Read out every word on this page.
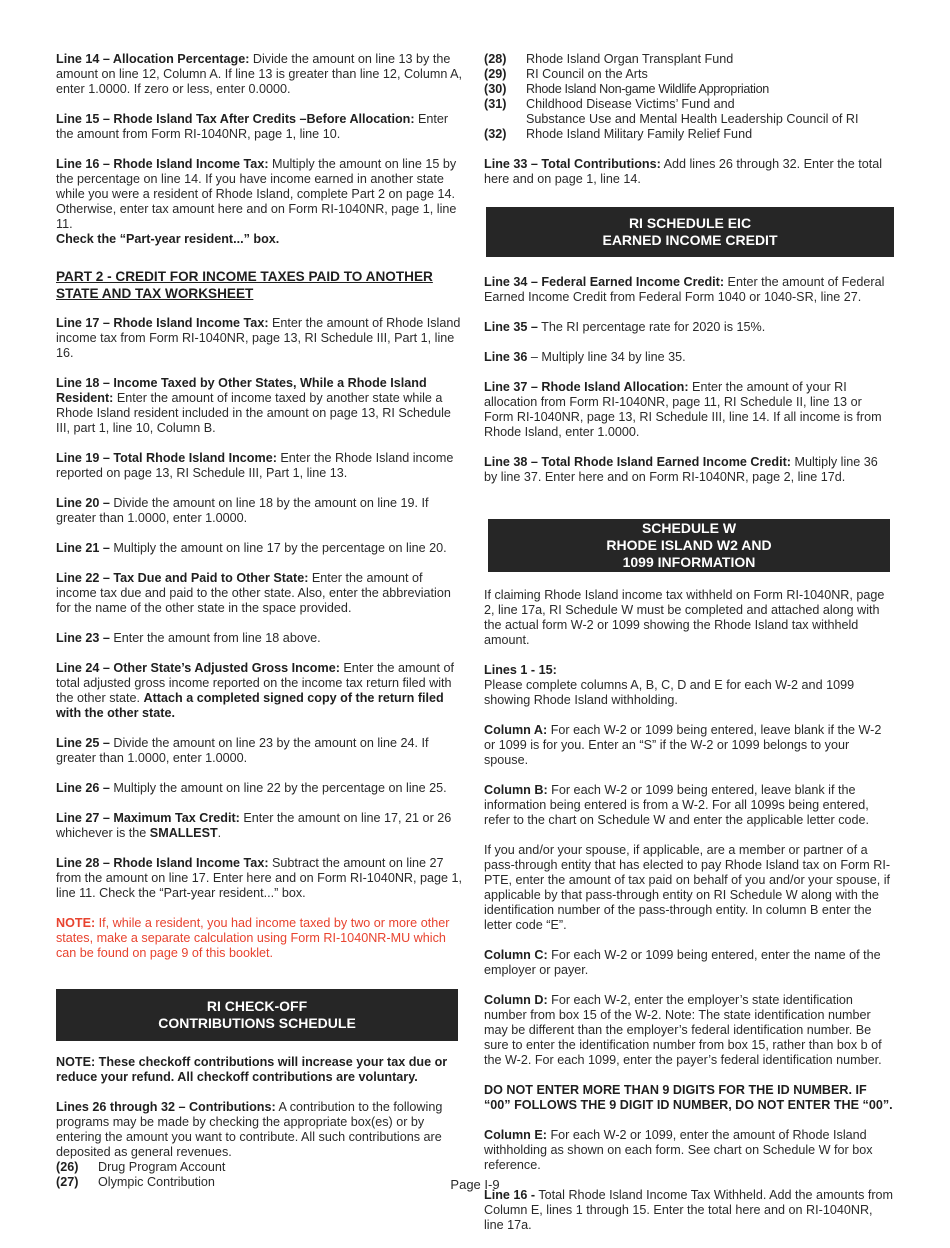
Line 14 – Allocation Percentage: Divide the amount on line 13 by the amount on line 12, Column A. If line 13 is greater than line 12, Column A, enter 1.0000. If zero or less, enter 0.0000.

Line 15 – Rhode Island Tax After Credits –Before Allocation: Enter the amount from Form RI-1040NR, page 1, line 10.

Line 16 – Rhode Island Income Tax: Multiply the amount on line 15 by the percentage on line 14. If you have income earned in another state while you were a resident of Rhode Island, complete Part 2 on page 14. Otherwise, enter tax amount here and on Form RI-1040NR, page 1, line 11.
Check the “Part-year resident...” box.

PART 2 - CREDIT FOR INCOME TAXES PAID TO ANOTHER STATE AND TAX WORKSHEET

Line 17 – Rhode Island Income Tax: Enter the amount of Rhode Island income tax from Form RI-1040NR, page 13, RI Schedule III, Part 1, line 16.

Line 18 – Income Taxed by Other States, While a Rhode Island Resident: Enter the amount of income taxed by another state while a Rhode Island resident included in the amount on page 13, RI Schedule III, part 1, line 10, Column B.

Line 19 – Total Rhode Island Income: Enter the Rhode Island income reported on page 13, RI Schedule III, Part 1, line 13.

Line 20 – Divide the amount on line 18 by the amount on line 19. If greater than 1.0000, enter 1.0000.

Line 21 – Multiply the amount on line 17 by the percentage on line 20.

Line 22 – Tax Due and Paid to Other State: Enter the amount of income tax due and paid to the other state. Also, enter the abbreviation for the name of the other state in the space provided.

Line 23 – Enter the amount from line 18 above.

Line 24 – Other State’s Adjusted Gross Income: Enter the amount of total adjusted gross income reported on the income tax return filed with the other state. Attach a completed signed copy of the return filed with the other state.

Line 25 – Divide the amount on line 23 by the amount on line 24. If greater than 1.0000, enter 1.0000.

Line 26 – Multiply the amount on line 22 by the percentage on line 25.

Line 27 – Maximum Tax Credit: Enter the amount on line 17, 21 or 26 whichever is the SMALLEST.

Line 28 – Rhode Island Income Tax: Subtract the amount on line 27 from the amount on line 17. Enter here and on Form RI-1040NR, page 1, line 11. Check the “Part-year resident...” box.

NOTE: If, while a resident, you had income taxed by two or more other states, make a separate calculation using Form RI-1040NR-MU which can be found on page 9 of this booklet.

RI CHECK-OFF
CONTRIBUTIONS SCHEDULE

NOTE: These checkoff contributions will increase your tax due or reduce your refund. All checkoff contributions are voluntary.

Lines 26 through 32 – Contributions: A contribution to the following programs may be made by checking the appropriate box(es) or by entering the amount you want to contribute. All such contributions are deposited as general revenues.

(26)	Drug Program Account
(27)	Olympic Contribution
(28)	Rhode Island Organ Transplant Fund
(29)	RI Council on the Arts
(30)	Rhode Island Non-game Wildlife Appropriation
(31)	Childhood Disease Victims’ Fund and
Substance Use and Mental Health Leadership Council of RI
(32)	Rhode Island Military Family Relief Fund

Line 33 – Total Contributions: Add lines 26 through 32. Enter the total here and on page 1, line 14.

RI SCHEDULE EIC
EARNED INCOME CREDIT

Line 34 – Federal Earned Income Credit: Enter the amount of Federal Earned Income Credit from Federal Form 1040 or 1040-SR, line 27.

Line 35 – The RI percentage rate for 2020 is 15%.

Line 36 – Multiply line 34 by line 35.

Line 37 – Rhode Island Allocation: Enter the amount of your RI allocation from Form RI-1040NR, page 11, RI Schedule II, line 13 or Form RI-1040NR, page 13, RI Schedule III, line 14. If all income is from Rhode Island, enter 1.0000.

Line 38 – Total Rhode Island Earned Income Credit: Multiply line 36 by line 37. Enter here and on Form RI-1040NR, page 2, line 17d.

SCHEDULE W
RHODE ISLAND W2 AND
1099 INFORMATION

If claiming Rhode Island income tax withheld on Form RI-1040NR, page 2, line 17a, RI Schedule W must be completed and attached along with the actual form W-2 or 1099 showing the Rhode Island tax withheld amount.

Lines 1 - 15:
Please complete columns A, B, C, D and E for each W-2 and 1099 showing Rhode Island withholding.

Column A: For each W-2 or 1099 being entered, leave blank if the W-2 or 1099 is for you. Enter an “S” if the W-2 or 1099 belongs to your spouse.

Column B: For each W-2 or 1099 being entered, leave blank if the information being entered is from a W-2. For all 1099s being entered, refer to the chart on Schedule W and enter the applicable letter code.

If you and/or your spouse, if applicable, are a member or partner of a pass-through entity that has elected to pay Rhode Island tax on Form RI-PTE, enter the amount of tax paid on behalf of you and/or your spouse, if applicable by that pass-through entity on RI Schedule W along with the identification number of the pass-through entity. In column B enter the letter code “E”.

Column C: For each W-2 or 1099 being entered, enter the name of the employer or payer.

Column D: For each W-2, enter the employer’s state identification number from box 15 of the W-2. Note: The state identification number may be different than the employer’s federal identification number. Be sure to enter the identification number from box 15, rather than box b of the W-2. For each 1099, enter the payer’s federal identification number.

DO NOT ENTER MORE THAN 9 DIGITS FOR THE ID NUMBER. IF “00” FOLLOWS THE 9 DIGIT ID NUMBER, DO NOT ENTER THE “00”.

Column E: For each W-2 or 1099, enter the amount of Rhode Island withholding as shown on each form. See chart on Schedule W for box reference.

Line 16 - Total Rhode Island Income Tax Withheld. Add the amounts from Column E, lines 1 through 15. Enter the total here and on RI-1040NR, line 17a.

Page I-9
